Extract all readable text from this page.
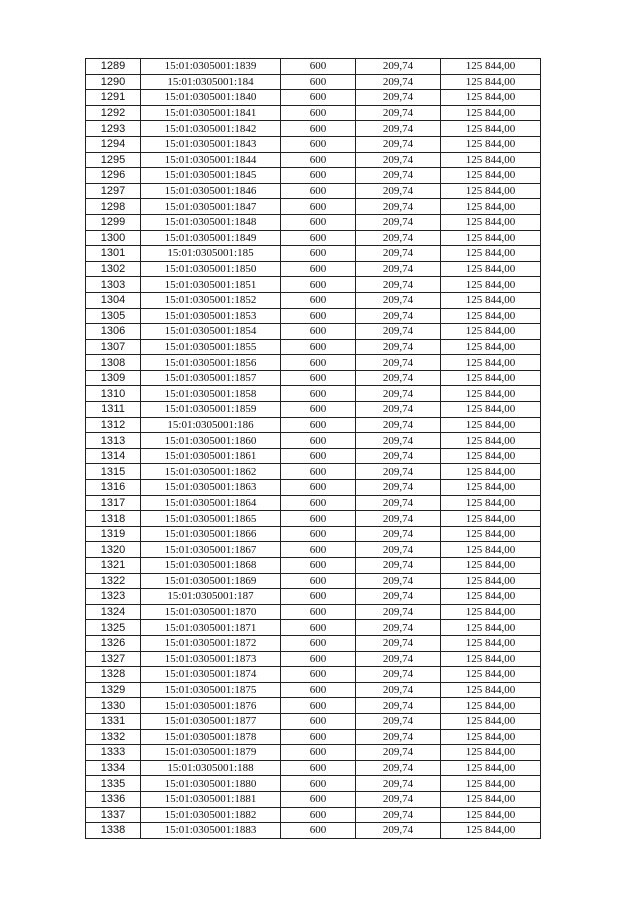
1289	15:01:0305001:1839	600	209,74	125 844,00
1290	15:01:0305001:184	600	209,74	125 844,00
1291	15:01:0305001:1840	600	209,74	125 844,00
1292	15:01:0305001:1841	600	209,74	125 844,00
1293	15:01:0305001:1842	600	209,74	125 844,00
1294	15:01:0305001:1843	600	209,74	125 844,00
1295	15:01:0305001:1844	600	209,74	125 844,00
1296	15:01:0305001:1845	600	209,74	125 844,00
1297	15:01:0305001:1846	600	209,74	125 844,00
1298	15:01:0305001:1847	600	209,74	125 844,00
1299	15:01:0305001:1848	600	209,74	125 844,00
1300	15:01:0305001:1849	600	209,74	125 844,00
1301	15:01:0305001:185	600	209,74	125 844,00
1302	15:01:0305001:1850	600	209,74	125 844,00
1303	15:01:0305001:1851	600	209,74	125 844,00
1304	15:01:0305001:1852	600	209,74	125 844,00
1305	15:01:0305001:1853	600	209,74	125 844,00
1306	15:01:0305001:1854	600	209,74	125 844,00
1307	15:01:0305001:1855	600	209,74	125 844,00
1308	15:01:0305001:1856	600	209,74	125 844,00
1309	15:01:0305001:1857	600	209,74	125 844,00
1310	15:01:0305001:1858	600	209,74	125 844,00
1311	15:01:0305001:1859	600	209,74	125 844,00
1312	15:01:0305001:186	600	209,74	125 844,00
1313	15:01:0305001:1860	600	209,74	125 844,00
1314	15:01:0305001:1861	600	209,74	125 844,00
1315	15:01:0305001:1862	600	209,74	125 844,00
1316	15:01:0305001:1863	600	209,74	125 844,00
1317	15:01:0305001:1864	600	209,74	125 844,00
1318	15:01:0305001:1865	600	209,74	125 844,00
1319	15:01:0305001:1866	600	209,74	125 844,00
1320	15:01:0305001:1867	600	209,74	125 844,00
1321	15:01:0305001:1868	600	209,74	125 844,00
1322	15:01:0305001:1869	600	209,74	125 844,00
1323	15:01:0305001:187	600	209,74	125 844,00
1324	15:01:0305001:1870	600	209,74	125 844,00
1325	15:01:0305001:1871	600	209,74	125 844,00
1326	15:01:0305001:1872	600	209,74	125 844,00
1327	15:01:0305001:1873	600	209,74	125 844,00
1328	15:01:0305001:1874	600	209,74	125 844,00
1329	15:01:0305001:1875	600	209,74	125 844,00
1330	15:01:0305001:1876	600	209,74	125 844,00
1331	15:01:0305001:1877	600	209,74	125 844,00
1332	15:01:0305001:1878	600	209,74	125 844,00
1333	15:01:0305001:1879	600	209,74	125 844,00
1334	15:01:0305001:188	600	209,74	125 844,00
1335	15:01:0305001:1880	600	209,74	125 844,00
1336	15:01:0305001:1881	600	209,74	125 844,00
1337	15:01:0305001:1882	600	209,74	125 844,00
1338	15:01:0305001:1883	600	209,74	125 844,00
